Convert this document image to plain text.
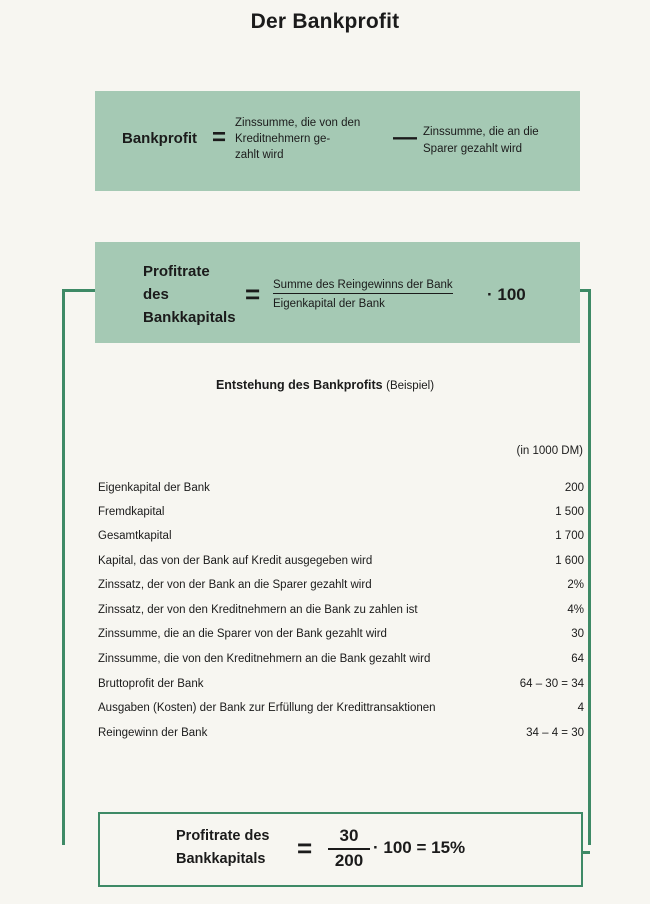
Der Bankprofit
Bankprofit =
Zinssumme, die von den
Kreditnehmern ge-
zahlt wird
— Zinssumme, die an die
Sparer gezahlt wird
Profitrate
des
Bankkapitals
= Summe des Reingewinns der Bank
Eigenkapital der Bank	· 100
Entstehung des Bankprofits (Beispiel)
(in 1000 DM)
Eigenkapital der Bank	200
Fremdkapital	1 500
Gesamtkapital	1 700
Kapital, das von der Bank auf Kredit ausgegeben wird	1 600
Zinssatz, der von der Bank an die Sparer gezahlt wird	2%
Zinssatz, der von den Kreditnehmern an die Bank zu zahlen ist	4%
Zinssumme, die an die Sparer von der Bank gezahlt wird	30
Zinssumme, die von den Kreditnehmern an die Bank gezahlt wird	64
Bruttoprofit der Bank	64 – 30 = 34
Ausgaben (Kosten) der Bank zur Erfüllung der Kredittransaktionen	4
Reingewinn der Bank	34 – 4 = 30
Profitrate des
Bankkapitals =	30
200
· 100 = 15%
